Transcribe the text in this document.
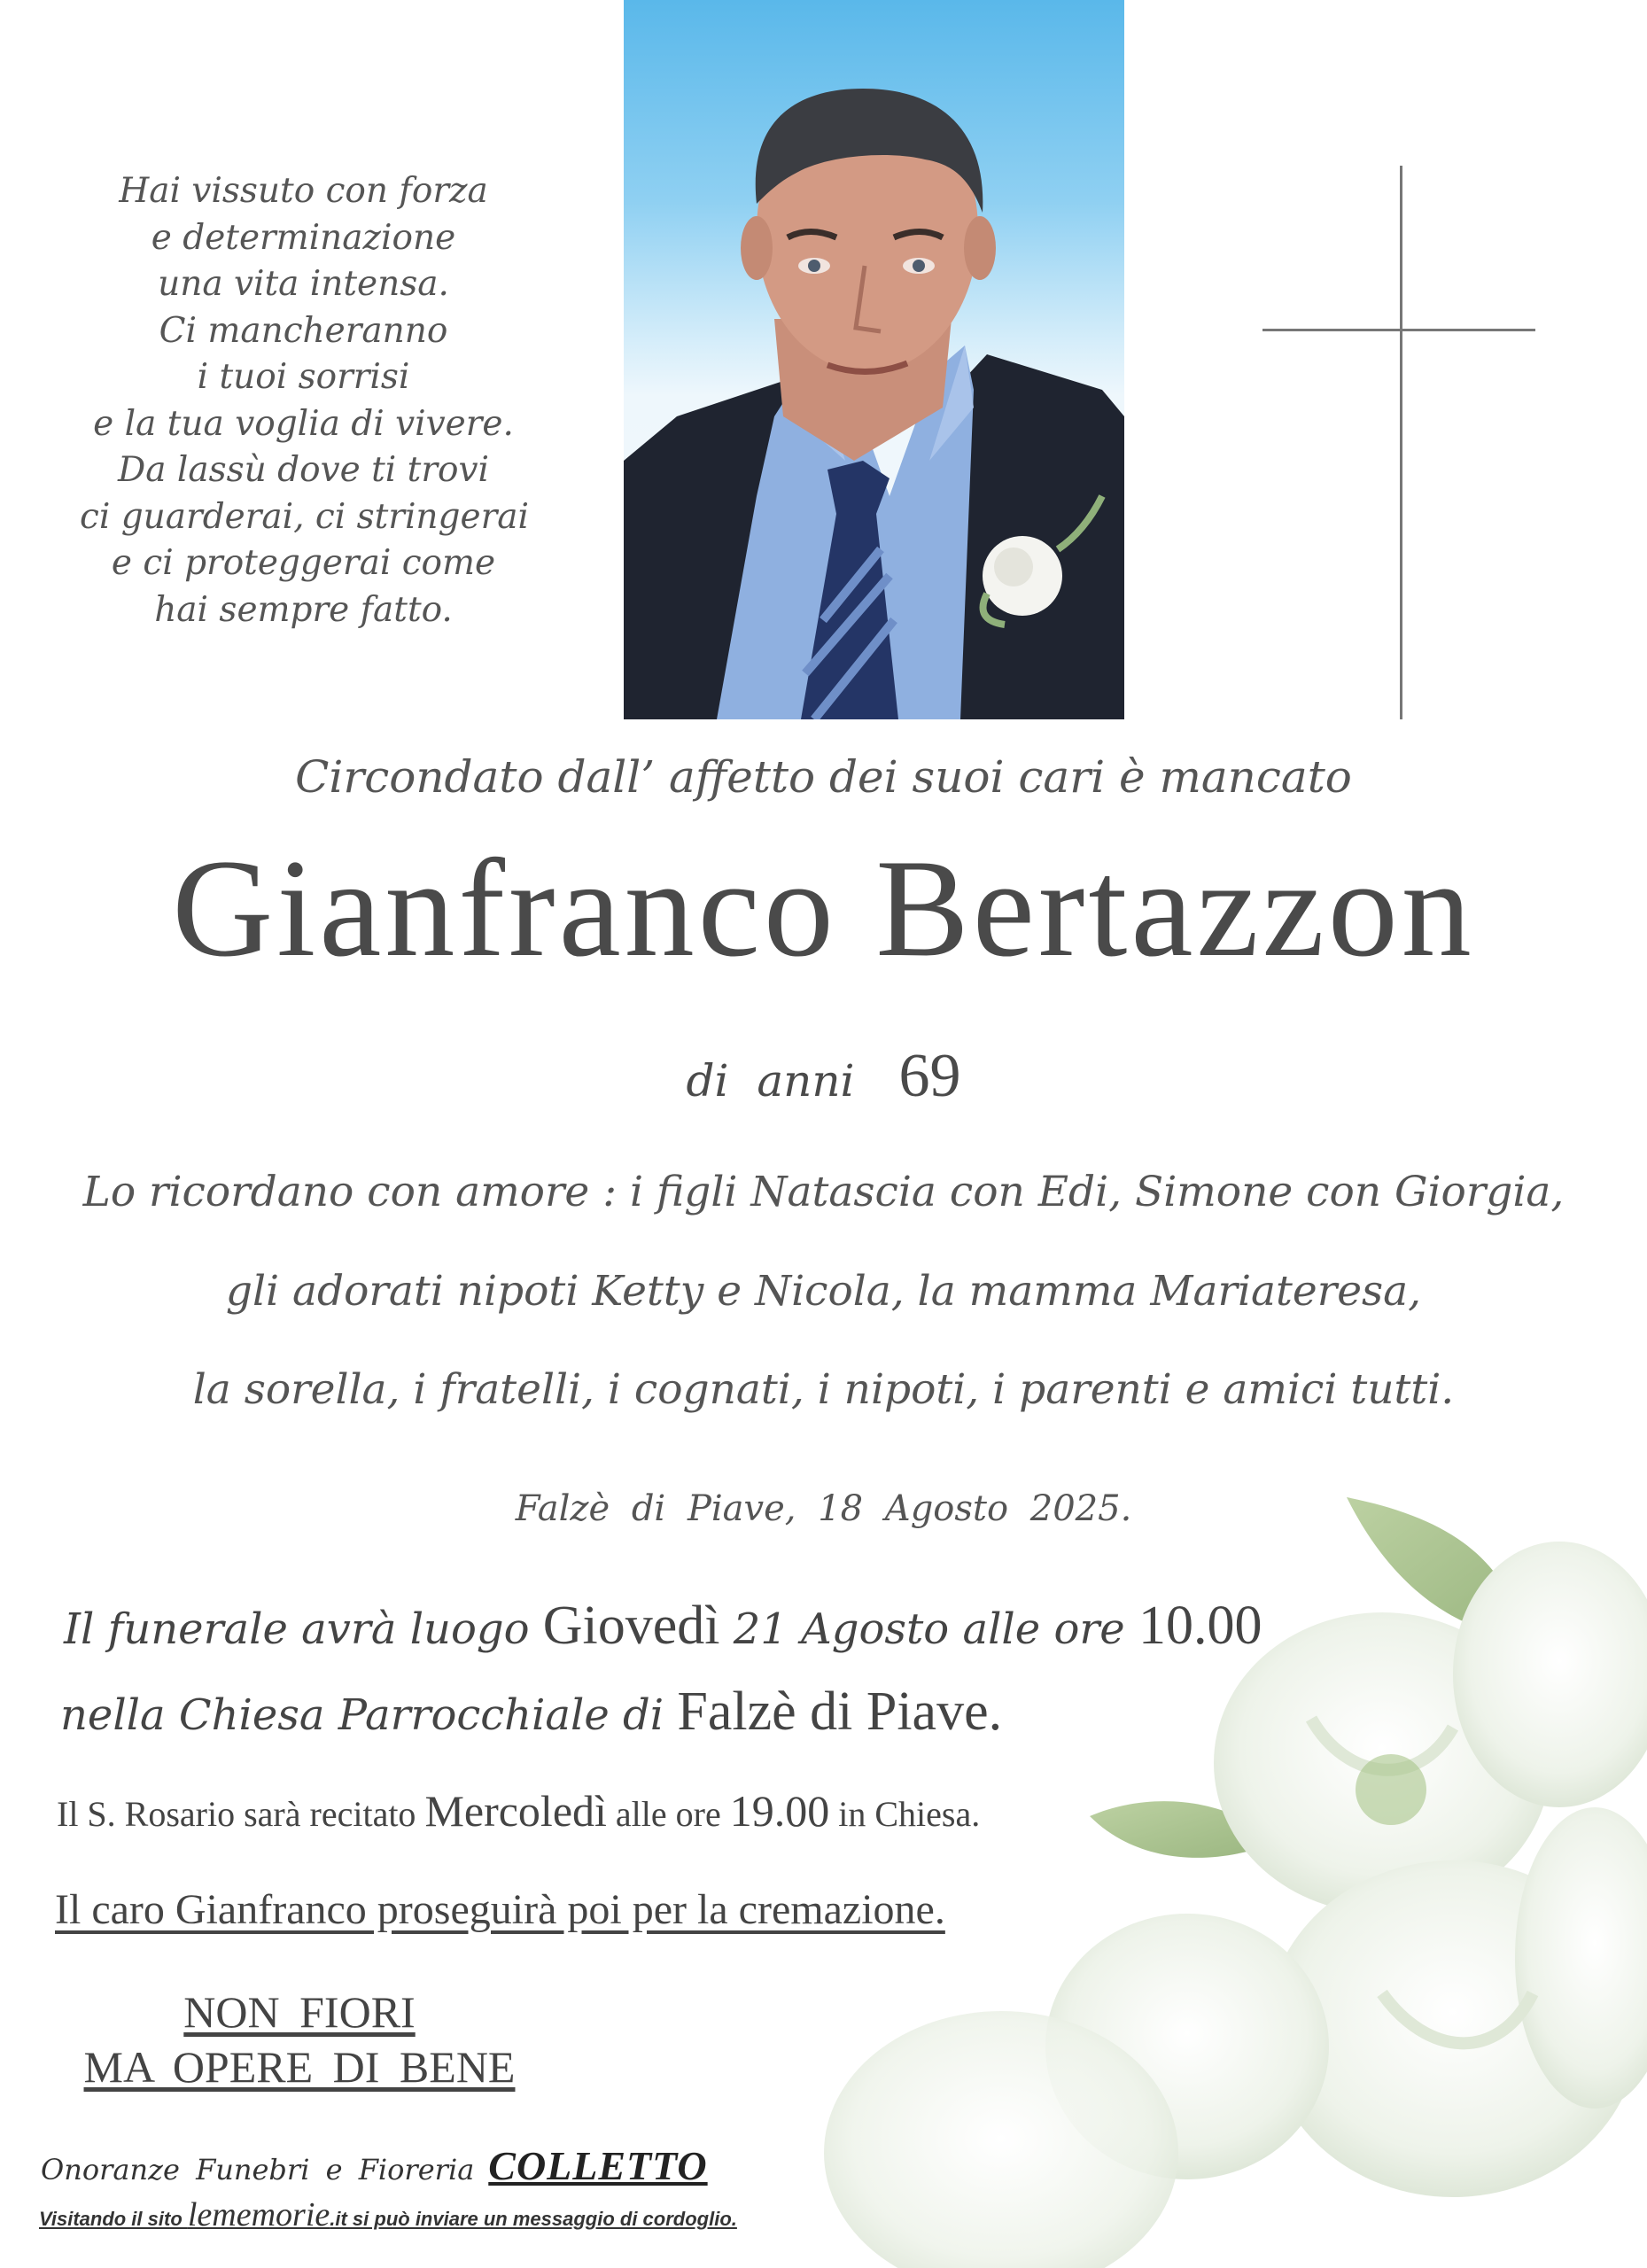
Hai vissuto con forza
e determinazione
una vita intensa.
Ci mancheranno
i tuoi sorrisi
e la tua voglia di vivere.
Da lassù dove ti trovi
ci guarderai, ci stringerai
e ci proteggerai come
hai sempre fatto.
Circondato dall’ affetto dei suoi cari è mancato
Gianfranco Bertazzon
di anni 69
Lo ricordano con amore : i figli Natascia con Edi, Simone con Giorgia,
gli adorati nipoti Ketty e Nicola, la mamma Mariateresa,
la sorella, i fratelli, i cognati, i nipoti, i parenti e amici tutti.
Falzè di Piave, 18 Agosto 2025.
Il funerale avrà luogo Giovedì 21 Agosto alle ore 10.00
nella Chiesa Parrocchiale di Falzè di Piave.
Il S. Rosario sarà recitato Mercoledì alle ore 19.00 in Chiesa.
Il caro Gianfranco proseguirà poi per la cremazione.
NON FIORI
MA OPERE DI BENE
Onoranze Funebri e Fioreria COLLETTO
Visitando il sito lememorie.it si può inviare un messaggio di cordoglio.
